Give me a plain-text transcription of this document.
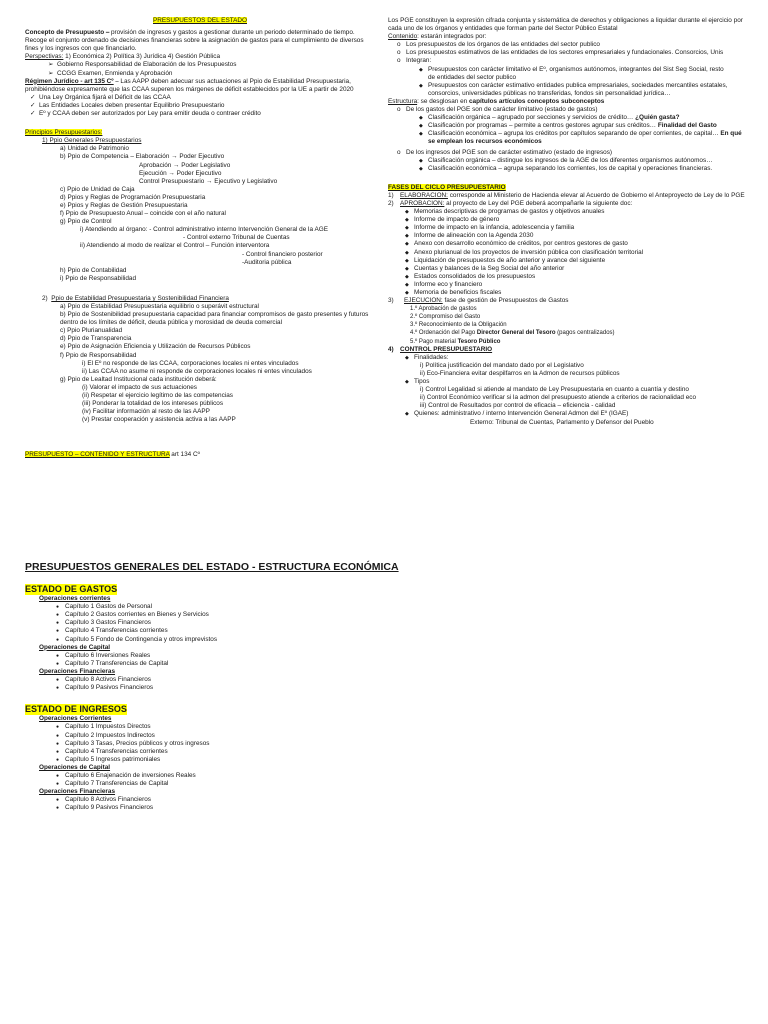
PRESUPUESTOS DEL ESTADO
Concepto de Presupuesto ⎯ provisión de ingresos y gastos a gestionar durante un periodo determinado de tiempo. Recoge el conjunto ordenado de decisiones financieras sobre la asignación de gastos para el cumplimiento de diversos fines y los ingresos con que financiarlo.
Perspectivas: 1) Económica 2) Política 3) Jurídica 4) Gestión Pública
➢ Gobierno Responsabilidad de Elaboración de los Presupuestos
➢ CCGG Examen, Enmienda y Aprobación
Régimen Jurídico - art 135 Cº ⎯ Las AAPP deben adecuar sus actuaciones al Ppio de Estabilidad Presupuestaria, prohibiéndose expresamente que las CCAA superen los márgenes de déficit establecidos por la UE a partir de 2020
✓ Una Ley Orgánica fijará el Déficit de las CCAA
✓ Las Entidades Locales deben presentar Equilibrio Presupuestario
✓ Eº y CCAA deben ser autorizados por Ley para emitir deuda o contraer crédito
Principios Presupuestarios:
1) Ppio Generales Presupuestarios
a) Unidad de Patrimonio
b) Ppio de Competencia – Elaboración → Poder Ejecutivo
Aprobación → Poder Legislativo
Ejecución → Poder Ejecutivo
Control Presupuestario → Ejecutivo y Legislativo
c) Ppio de Unidad de Caja
d) Ppios y Reglas de Programación Presupuestaria
e) Ppios y Reglas de Gestión Presupuestaria
f) Ppio de Presupuesto Anual – coincide con el año natural
g) Ppio de Control
i) Atendiendo al órgano: - Control administrativo interno Intervención General de la AGE
- Control externo Tribunal de Cuentas
ii) Atendiendo al modo de realizar el Control – Función interventora
- Control financiero posterior
-Auditoria pública
h) Ppio de Contabilidad
i) Ppio de Responsabilidad
2) Ppio de Estabilidad Presupuestaria y Sostenibilidad Financiera
a) Ppio de Estabilidad Presupuestaria equilibrio o superávit estructural
b) Ppio de Sostenibilidad presupuestaria capacidad para financiar compromisos de gasto presentes y futuros dentro de los límites de déficit, deuda pública y morosidad de deuda comercial
c) Ppio Plurianualidad
d) Ppio de Transparencia
e) Ppio de Asignación Eficiencia y Utilización de Recursos Públicos
f) Ppio de Responsabilidad
i) El Eº no responde de las CCAA, corporaciones locales ni entes vinculados
ii) Las CCAA no asume ni responde de corporaciones locales ni entes vinculados
g) Ppio de Lealtad Institucional cada institución deberá:
(i) Valorar el impacto de sus actuaciones
(ii) Respetar el ejercicio legítimo de las competencias
(iii) Ponderar la totalidad de los intereses públicos
(iv) Facilitar información al resto de las AAPP
(v) Prestar cooperación y asistencia activa a las AAPP
PRESUPUESTO – CONTENIDO Y ESTRUCTURA art 134 Cº
Los PGE constituyen la expresión cifrada conjunta y sistemática de derechos y obligaciones a liquidar durante el ejercicio por cada uno de los órganos y entidades que forman parte del Sector Público Estatal
Contenido: estarán integrados por:
o Los presupuestos de los órganos de las entidades del sector publico
o Los presupuestos estimativos de las entidades de los sectores empresariales y fundacionales. Consorcios, Unis
o Integran:
◆ Presupuestos con carácter limitativo el Eº, organismos autónomos, integrantes del Sist Seg Social, resto de entidades del sector publico
◆ Presupuestos con carácter estimativo entidades publica empresariales, sociedades mercantiles estatales, consorcios, universidades públicas no transferidas, fondos sin personalidad jurídica…
Estructura: se desglosan en capítulos artículos conceptos subconceptos
o De los gastos del PGE son de carácter limitativo (estado de gastos)
◆ Clasificación orgánica – agrupado por secciones y servicios de crédito… ¿Quién gasta?
◆ Clasificación por programas – permite a centros gestores agrupar sus créditos… Finalidad del Gasto
◆ Clasificación económica – agrupa los créditos por capítulos separando de oper corrientes, de capital… En qué se emplean los recursos económicos
o De los ingresos del PGE son de carácter estimativo (estado de ingresos)
◆ Clasificación orgánica – distingue los ingresos de la AGE de los diferentes organismos autónomos…
◆ Clasificación económica – agrupa separando los corrientes, los de capital y operaciones financieras.
FASES DEL CICLO PRESUPUESTARIO
1) ELABORACION: corresponde al Ministerio de Hacienda elevar al Acuerdo de Gobierno el Anteproyecto de Ley de lo PGE
2) APROBACION: al proyecto de Ley del PGE deberá acompañarle la siguiente doc:
◆ Memorias descriptivas de programas de gastos y objetivos anuales
◆ Informe de impacto de género
◆ Informe de impacto en la infancia, adolescencia y familia
◆ Informe de alineación con la Agenda 2030
◆ Anexo con desarrollo económico de créditos, por centros gestores de gasto
◆ Anexo plurianual de los proyectos de inversión pública con clasificación territorial
◆ Liquidación de presupuestos de año anterior y avance del siguiente
◆ Cuentas y balances de la Seg Social del año anterior
◆ Estados consolidados de los presupuestos
◆ Informe eco y financiero
◆ Memoria de beneficios fiscales
3) EJECUCION: fase de gestión de Presupuestos de Gastos
1.º Aprobación de gastos
2.º Compromiso del Gasto
3.º Reconocimiento de la Obligación
4.º Ordenación del Pago Director General del Tesoro (pagos centralizados)
5.º Pago material Tesoro Público
4) CONTROL PRESUPUESTARIO
◆ Finalidades:
i) Política justificación del mandato dado por el Legislativo
ii) Eco-Financiera evitar despilfarros en la Admon de recursos públicos
◆ Tipos
i) Control Legalidad si atiende al mandato de Ley Presupuestaria en cuanto a cuantía y destino
ii) Control Económico verificar si la admon del presupuesto atiende a criterios de racionalidad eco
iii) Control de Resultados por control de eficacia – eficiencia - calidad
◆ Quienes: administrativo / interno Intervención General Admon del Eº (IGAE)
Externo: Tribunal de Cuentas, Parlamento y Defensor del Pueblo
PRESUPUESTOS GENERALES DEL ESTADO - ESTRUCTURA ECONÓMICA
ESTADO DE GASTOS
Operaciones corrientes
● Capítulo 1 Gastos de Personal
● Capítulo 2 Gastos corrientes en Bienes y Servicios
● Capítulo 3 Gastos Financieros
● Capítulo 4 Transferencias corrientes
● Capítulo 5 Fondo de Contingencia y otros imprevistos
Operaciones de Capital
● Capítulo 6 Inversiones Reales
● Capítulo 7 Transferencias de Capital
Operaciones Financieras
● Capítulo 8 Activos Financieros
● Capítulo 9 Pasivos Financieros
ESTADO DE INGRESOS
Operaciones Corrientes
● Capítulo 1 Impuestos Directos
● Capítulo 2 Impuestos Indirectos
● Capítulo 3 Tasas, Precios públicos y otros ingresos
● Capítulo 4 Transferencias corrientes
● Capítulo 5 Ingresos patrimoniales
Operaciones de Capital
● Capítulo 6 Enajenación de inversiones Reales
● Capítulo 7 Transferencias de Capital
Operaciones Financieras
● Capítulo 8 Activos Financieros
● Capítulo 9 Pasivos Financieros
